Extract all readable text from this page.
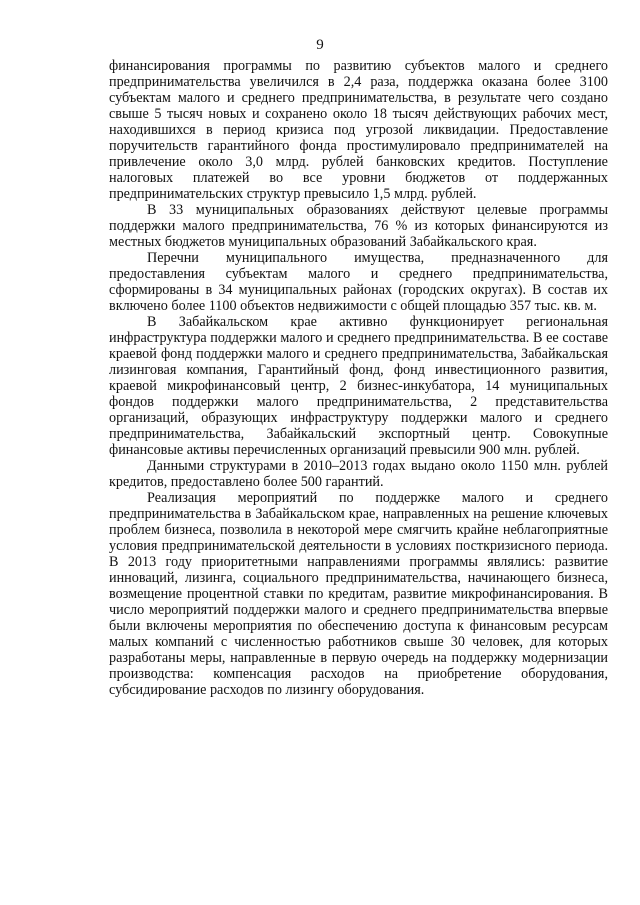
9

финансирования программы по развитию субъектов малого и среднего предпринимательства увеличился в 2,4 раза, поддержка оказана более 3100 субъектам малого и среднего предпринимательства, в результате чего создано свыше 5 тысяч новых и сохранено около 18 тысяч действующих рабочих мест, находившихся в период кризиса под угрозой ликвидации. Предоставление поручительств гарантийного фонда простимулировало предпринимателей на привлечение около 3,0 млрд. рублей банковских кредитов. Поступление налоговых платежей во все уровни бюджетов от поддержанных предпринимательских структур превысило 1,5 млрд. рублей.

В 33 муниципальных образованиях действуют целевые программы поддержки малого предпринимательства, 76 % из которых финансируются из местных бюджетов муниципальных образований Забайкальского края.

Перечни муниципального имущества, предназначенного для предоставления субъектам малого и среднего предпринимательства, сформированы в 34 муниципальных районах (городских округах). В состав их включено более 1100 объектов недвижимости с общей площадью 357 тыс. кв. м.

В Забайкальском крае активно функционирует региональная инфраструктура поддержки малого и среднего предпринимательства. В ее составе краевой фонд поддержки малого и среднего предпринимательства, Забайкальская лизинговая компания, Гарантийный фонд, фонд инвестиционного развития, краевой микрофинансовый центр, 2 бизнес-инкубатора, 14 муниципальных фондов поддержки малого предпринимательства, 2 представительства организаций, образующих инфраструктуру поддержки малого и среднего предпринимательства, Забайкальский экспортный центр. Совокупные финансовые активы перечисленных организаций превысили 900 млн. рублей.

Данными структурами в 2010–2013 годах выдано около 1150 млн. рублей кредитов, предоставлено более 500 гарантий.

Реализация мероприятий по поддержке малого и среднего предпринимательства в Забайкальском крае, направленных на решение ключевых проблем бизнеса, позволила в некоторой мере смягчить крайне неблагоприятные условия предпринимательской деятельности в условиях посткризисного периода. В 2013 году приоритетными направлениями программы являлись: развитие инноваций, лизинга, социального предпринимательства, начинающего бизнеса, возмещение процентной ставки по кредитам, развитие микрофинансирования. В число мероприятий поддержки малого и среднего предпринимательства впервые были включены мероприятия по обеспечению доступа к финансовым ресурсам малых компаний с численностью работников свыше 30 человек, для которых разработаны меры, направленные в первую очередь на поддержку модернизации производства: компенсация расходов на приобретение оборудования, субсидирование расходов по лизингу оборудования.
